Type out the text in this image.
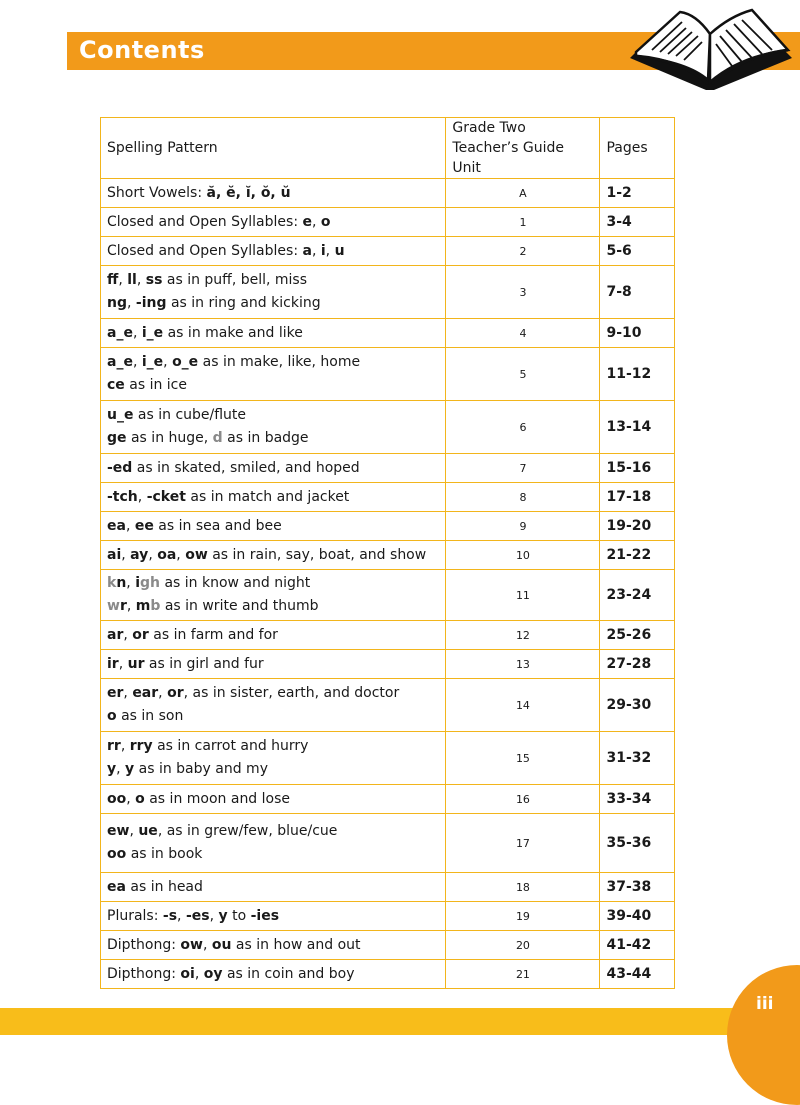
Contents
Spelling Pattern	Grade Two
Teacher’s Guide Unit	Pages

Short Vowels: ă, ĕ, ĭ, ŏ, ŭ	A	1-2

Closed and Open Syllables: e, o	1	3-4

Closed and Open Syllables: a, i, u	2	5-6

ff, ll, ss as in puff, bell, miss
ng, -ing as in ring and kicking	3	7-8

a_e, i_e as in make and like	4	9-10

a_e, i_e, o_e as in make, like, home
ce as in ice	5	11-12

u_e as in cube/flute
ge as in huge, d as in badge	6	13-14

-ed as in skated, smiled, and hoped	7	15-16

-tch, -cket as in match and jacket	8	17-18

ea, ee as in sea and bee	9	19-20

ai, ay, oa, ow as in rain, say, boat, and show	10	21-22

kn, igh as in know and night
wr, mb as in write and thumb	11	23-24

ar, or as in farm and for	12	25-26

ir, ur as in girl and fur	13	27-28

er, ear, or, as in sister, earth, and doctor
o as in son	14	29-30

rr, rry as in carrot and hurry
y, y as in baby and my	15	31-32

oo, o as in moon and lose	16	33-34

ew, ue, as in grew/few, blue/cue
oo as in book	17	35-36

ea as in head	18	37-38

Plurals: -s, -es, y to -ies	19	39-40

Dipthong: ow, ou as in how and out	20	41-42

Dipthong: oi, oy as in coin and boy	21	43-44
iii
